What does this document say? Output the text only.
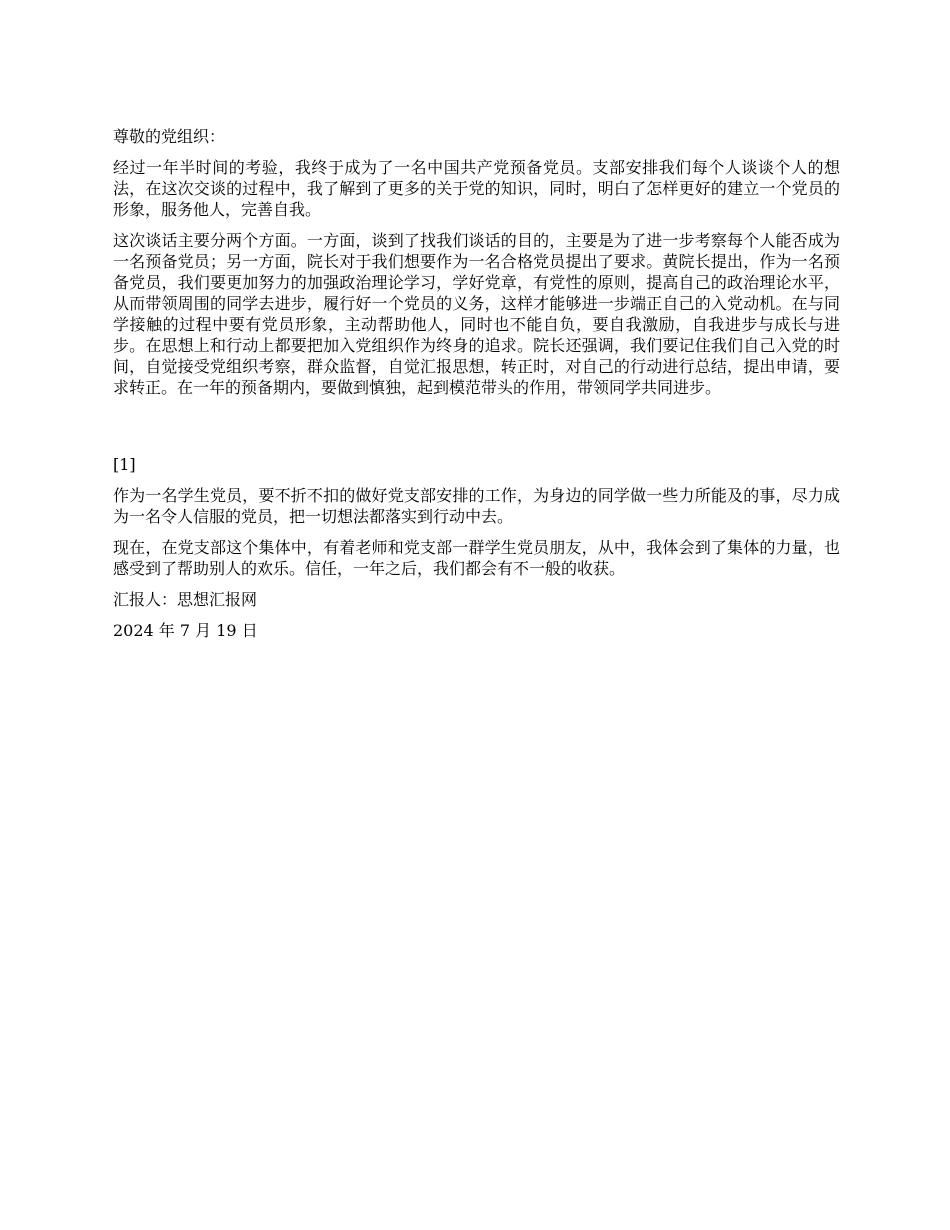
尊敬的党组织：

经过一年半时间的考验，我终于成为了一名中国共产党预备党员。支部安排我们每个人谈谈个人的想法，在这次交谈的过程中，我了解到了更多的关于党的知识，同时，明白了怎样更好的建立一个党员的形象，服务他人，完善自我。

这次谈话主要分两个方面。一方面，谈到了找我们谈话的目的，主要是为了进一步考察每个人能否成为一名预备党员；另一方面，院长对于我们想要作为一名合格党员提出了要求。黄院长提出，作为一名预备党员，我们要更加努力的加强政治理论学习，学好党章，有党性的原则，提高自己的政治理论水平，从而带领周围的同学去进步，履行好一个党员的义务，这样才能够进一步端正自己的入党动机。在与同学接触的过程中要有党员形象，主动帮助他人，同时也不能自负，要自我激励，自我进步与成长与进步。在思想上和行动上都要把加入党组织作为终身的追求。院长还强调，我们要记住我们自己入党的时间，自觉接受党组织考察，群众监督，自觉汇报思想，转正时，对自己的行动进行总结，提出申请，要求转正。在一年的预备期内，要做到慎独，起到模范带头的作用，带领同学共同进步。

[1]

作为一名学生党员，要不折不扣的做好党支部安排的工作，为身边的同学做一些力所能及的事，尽力成为一名令人信服的党员，把一切想法都落实到行动中去。

现在，在党支部这个集体中，有着老师和党支部一群学生党员朋友，从中，我体会到了集体的力量，也感受到了帮助别人的欢乐。信任，一年之后，我们都会有不一般的收获。

汇报人：思想汇报网

2024 年 7 月 19 日
